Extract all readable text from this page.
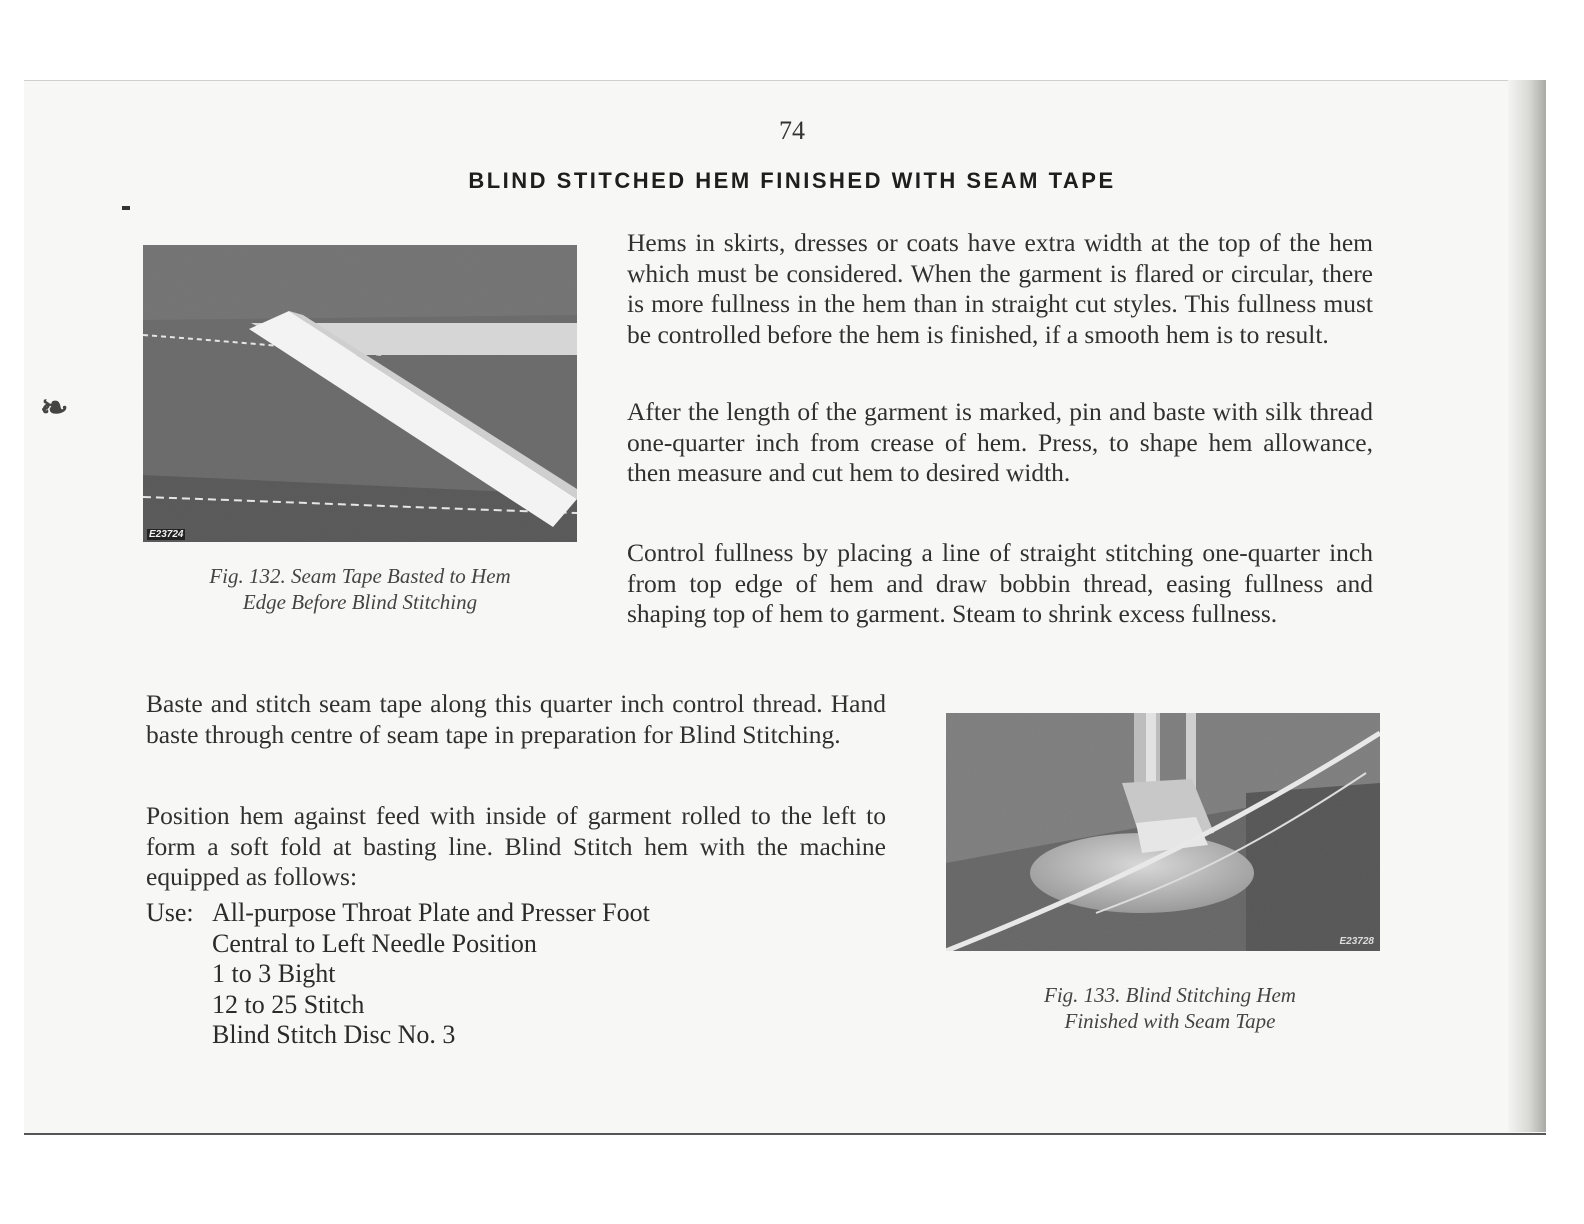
74
BLIND STITCHED HEM FINISHED WITH SEAM TAPE
❧
E23724
Fig. 132. Seam Tape Basted to Hem
Edge Before Blind Stitching

Hems in skirts, dresses or coats have extra width at the top of the hem which must be considered. When the garment is flared or circular, there is more fullness in the hem than in straight cut styles. This fullness must be controlled before the hem is finished, if a smooth hem is to result.

After the length of the garment is marked, pin and baste with silk thread one-quarter inch from crease of hem. Press, to shape hem allowance, then measure and cut hem to desired width.

Control fullness by placing a line of straight stitching one-quarter inch from top edge of hem and draw bobbin thread, easing fullness and shaping top of hem to garment. Steam to shrink excess fullness.

Baste and stitch seam tape along this quarter inch control thread. Hand baste through centre of seam tape in preparation for Blind Stitching.

Position hem against feed with inside of garment rolled to the left to form a soft fold at basting line. Blind Stitch hem with the machine equipped as follows:

Use: All-purpose Throat Plate and Presser Foot
Central to Left Needle Position
1 to 3 Bight
12 to 25 Stitch
Blind Stitch Disc No. 3
E23728
Fig. 133. Blind Stitching Hem
Finished with Seam Tape
